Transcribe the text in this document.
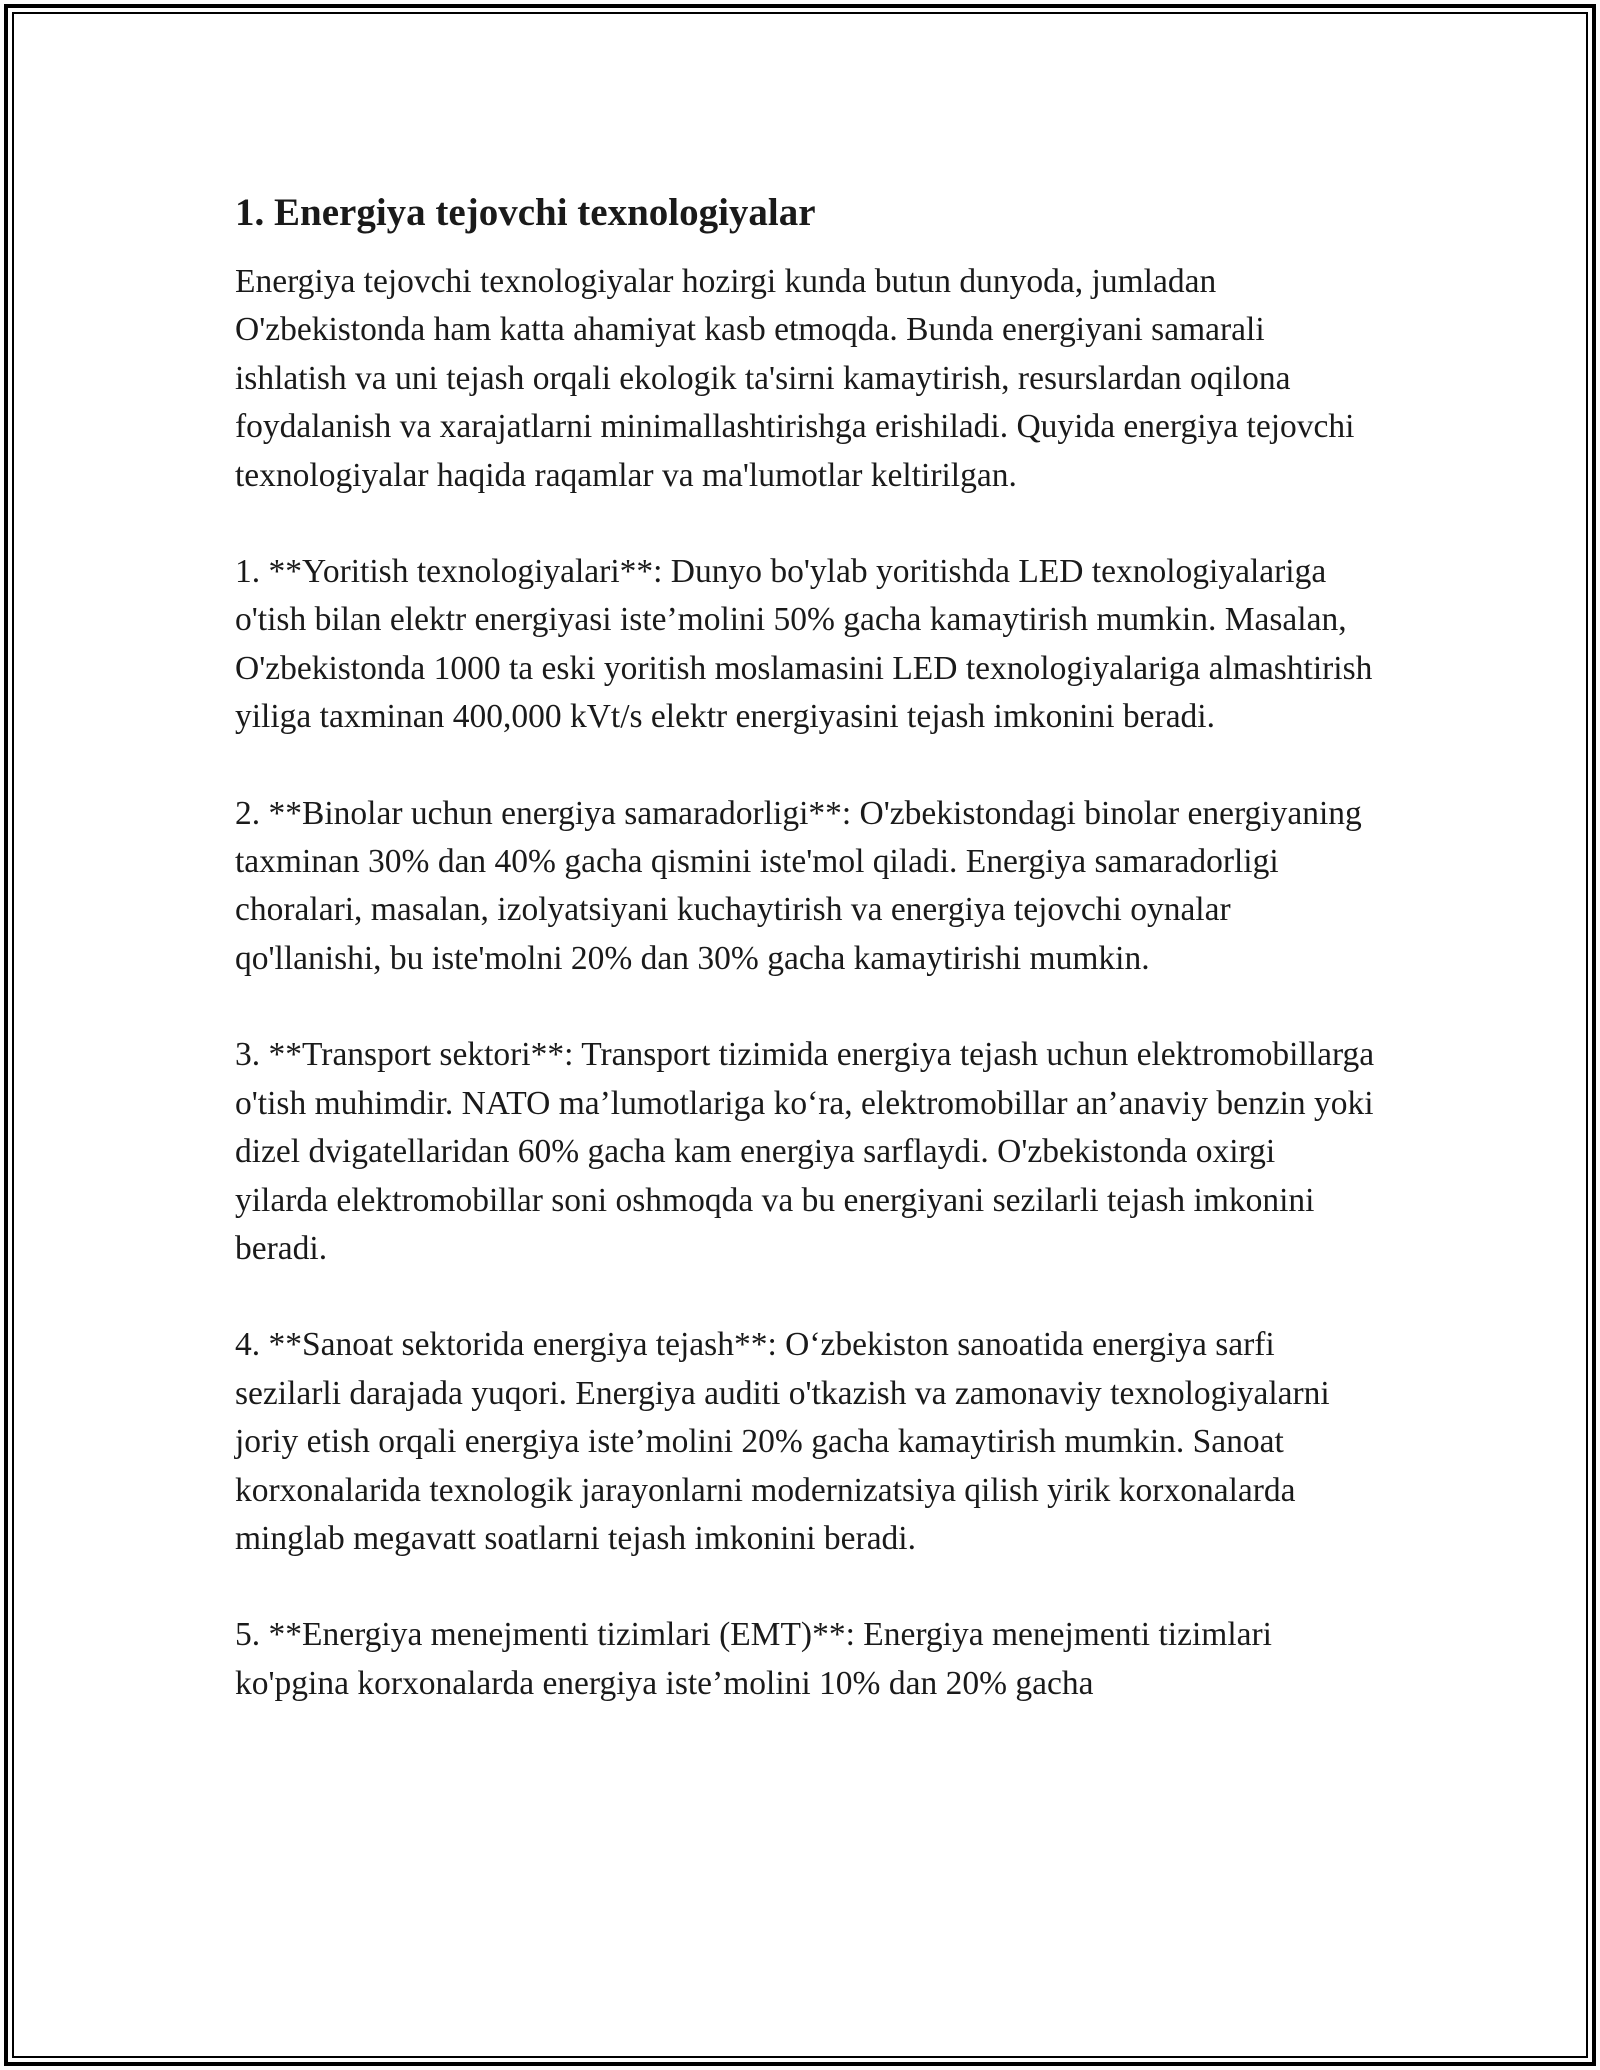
1. Energiya tejovchi texnologiyalar

Energiya tejovchi texnologiyalar hozirgi kunda butun dunyoda, jumladan O'zbekistonda ham katta ahamiyat kasb etmoqda. Bunda energiyani samarali ishlatish va uni tejash orqali ekologik ta'sirni kamaytirish, resurslardan oqilona foydalanish va xarajatlarni minimallashtirishga erishiladi. Quyida energiya tejovchi texnologiyalar haqida raqamlar va ma'lumotlar keltirilgan.

1. **Yoritish texnologiyalari**: Dunyo bo'ylab yoritishda LED texnologiyalariga o'tish bilan elektr energiyasi iste’molini 50% gacha kamaytirish mumkin. Masalan, O'zbekistonda 1000 ta eski yoritish moslamasini LED texnologiyalariga almashtirish yiliga taxminan 400,000 kVt/s elektr energiyasini tejash imkonini beradi.

2. **Binolar uchun energiya samaradorligi**: O'zbekistondagi binolar energiyaning taxminan 30% dan 40% gacha qismini iste'mol qiladi. Energiya samaradorligi choralari, masalan, izolyatsiyani kuchaytirish va energiya tejovchi oynalar qo'llanishi, bu iste'molni 20% dan 30% gacha kamaytirishi mumkin.

3. **Transport sektori**: Transport tizimida energiya tejash uchun elektromobillarga o'tish muhimdir. NATO ma’lumotlariga ko‘ra, elektromobillar an’anaviy benzin yoki dizel dvigatellaridan 60% gacha kam energiya sarflaydi. O'zbekistonda oxirgi yilarda elektromobillar soni oshmoqda va bu energiyani sezilarli tejash imkonini beradi.

4. **Sanoat sektorida energiya tejash**: O‘zbekiston sanoatida energiya sarfi sezilarli darajada yuqori. Energiya auditi o'tkazish va zamonaviy texnologiyalarni joriy etish orqali energiya iste’molini 20% gacha kamaytirish mumkin. Sanoat korxonalarida texnologik jarayonlarni modernizatsiya qilish yirik korxonalarda minglab megavatt soatlarni tejash imkonini beradi.

5. **Energiya menejmenti tizimlari (EMT)**: Energiya menejmenti tizimlari ko'pgina korxonalarda energiya iste’molini 10% dan 20% gacha
